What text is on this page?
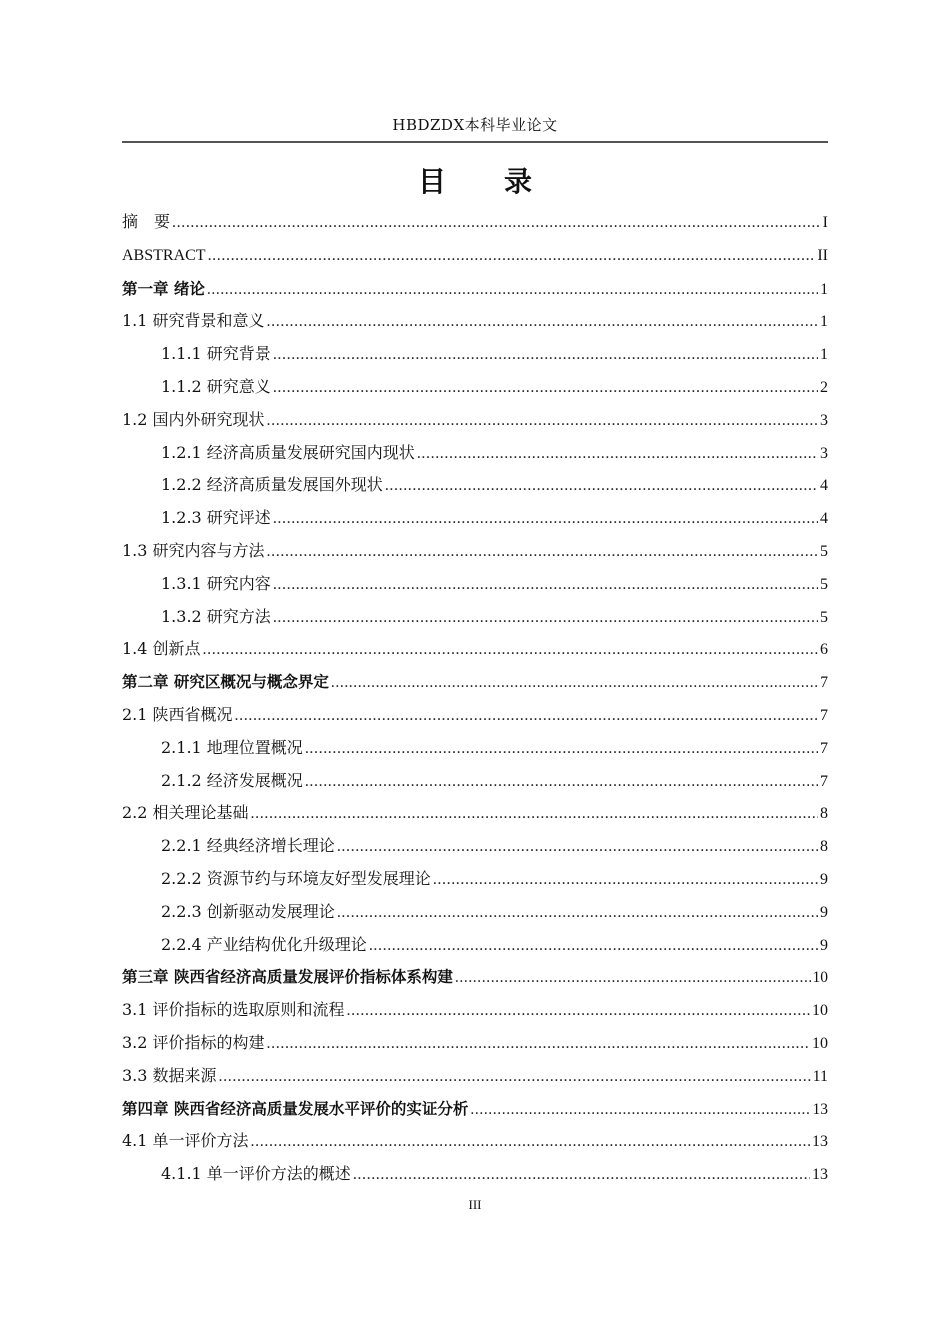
HBDZDX本科毕业论文
目 录
摘　要 .....	I
ABSTRACT .....	II
第一章 绪论 .....	1
1.1 研究背景和意义 .....	1
1.1.1 研究背景 .....	1
1.1.2 研究意义 .....	2
1.2 国内外研究现状 .....	3
1.2.1 经济高质量发展研究国内现状 .....	3
1.2.2 经济高质量发展国外现状 .....	4
1.2.3 研究评述 .....	4
1.3 研究内容与方法 .....	5
1.3.1 研究内容 .....	5
1.3.2 研究方法 .....	5
1.4 创新点 .....	6
第二章 研究区概况与概念界定 .....	7
2.1 陕西省概况 .....	7
2.1.1 地理位置概况 .....	7
2.1.2 经济发展概况 .....	7
2.2 相关理论基础 .....	8
2.2.1 经典经济增长理论 .....	8
2.2.2 资源节约与环境友好型发展理论 .....	9
2.2.3 创新驱动发展理论 .....	9
2.2.4 产业结构优化升级理论 .....	9
第三章 陕西省经济高质量发展评价指标体系构建 .....	10
3.1 评价指标的选取原则和流程 .....	10
3.2 评价指标的构建 .....	10
3.3 数据来源 .....	11
第四章 陕西省经济高质量发展水平评价的实证分析 .....	13
4.1 单一评价方法 .....	13
4.1.1 单一评价方法的概述 .....	13
III
